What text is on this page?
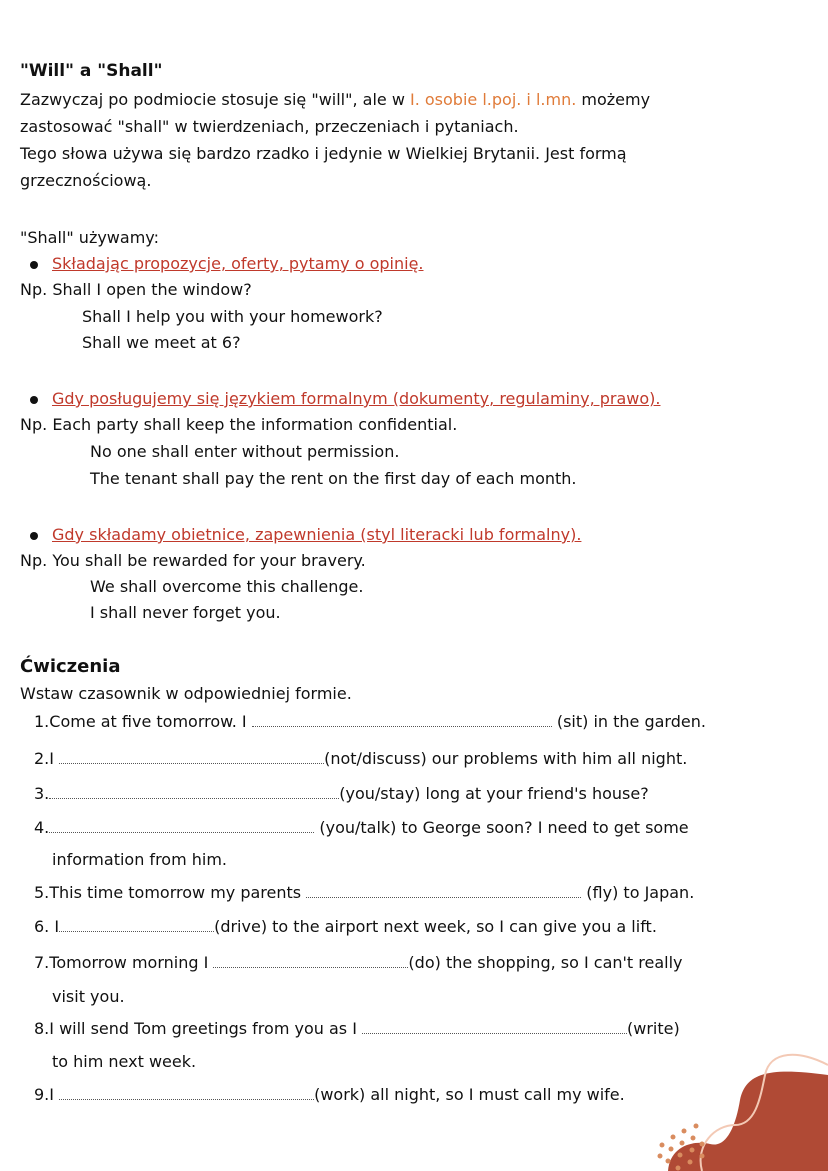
"Will" a "Shall"
Zazwyczaj po podmiocie stosuje się "will", ale w I. osobie l.poj. i l.mn. możemy
zastosować "shall" w twierdzeniach, przeczeniach i pytaniach.
Tego słowa używa się bardzo rzadko i jedynie w Wielkiej Brytanii. Jest formą
grzecznościową.
"Shall" używamy:
Składając propozycje, oferty, pytamy o opinię.
Np. Shall I open the window?
Shall I help you with your homework?
Shall we meet at 6?
Gdy posługujemy się językiem formalnym (dokumenty, regulaminy, prawo).
Np. Each party shall keep the information confidential.
No one shall enter without permission.
The tenant shall pay the rent on the first day of each month.
Gdy składamy obietnice, zapewnienia (styl literacki lub formalny).
Np. You shall be rewarded for your bravery.
We shall overcome this challenge.
I shall never forget you.
Ćwiczenia
Wstaw czasownik w odpowiedniej formie.
1.Come at five tomorrow. I	(sit) in the garden.
2.I	(not/discuss) our problems with him all night.
3.	(you/stay) long at your friend's house?
4.	(you/talk) to George soon? I need to get some
information from him.
5.This time tomorrow my parents	(fly) to Japan.
6. I	(drive) to the airport next week, so I can give you a lift.
7.Tomorrow morning I	(do) the shopping, so I can't really
visit you.
8.I will send Tom greetings from you as I	(write)
to him next week.
9.I	(work) all night, so I must call my wife.
